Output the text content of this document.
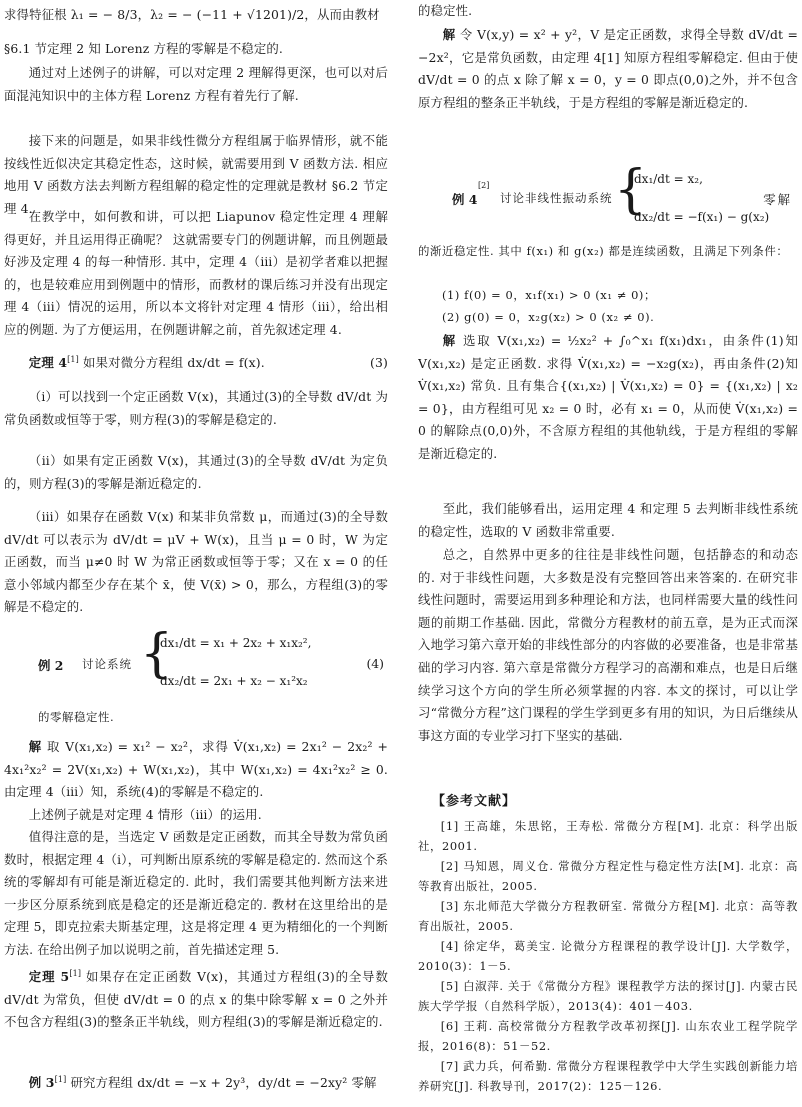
求得特征根 λ₁ = − 8/3，λ₂ = − (−11 + √1201)/2，从而由教材

§6.1 节定理 2 知 Lorenz 方程的零解是不稳定的.

通过对上述例子的讲解，可以对定理 2 理解得更深，也可以对后面混沌知识中的主体方程 Lorenz 方程有着先行了解.

接下来的问题是，如果非线性微分方程组属于临界情形，就不能按线性近似决定其稳定性态，这时候，就需要用到 V 函数方法. 相应地用 V 函数方法去判断方程组解的稳定性的定理就是教材 §6.2 节定理 4.

在教学中，如何教和讲，可以把 Liapunov 稳定性定理 4 理解得更好，并且运用得正确呢？ 这就需要专门的例题讲解，而且例题最好涉及定理 4 的每一种情形. 其中，定理 4（ⅲ）是初学者难以把握的，也是较难应用到例题中的情形，而教材的课后练习并没有出现定理 4（ⅲ）情况的运用，所以本文将针对定理 4 情形（ⅲ），给出相应的例题. 为了方便运用，在例题讲解之前，首先叙述定理 4.

定理 4[1] 如果对微分方程组 dx/dt = f(x).	(3)

（ⅰ）可以找到一个定正函数 V(x)，其通过(3)的全导数 dV/dt 为常负函数或恒等于零，则方程(3)的零解是稳定的.

（ⅱ）如果有定正函数 V(x)，其通过(3)的全导数 dV/dt 为定负的，则方程(3)的零解是渐近稳定的.

（ⅲ）如果存在函数 V(x) 和某非负常数 μ，而通过(3)的全导数 dV/dt 可以表示为 dV/dt = μV + W(x)，且当 μ = 0 时，W 为定正函数，而当 μ≠0 时 W 为常正函数或恒等于零；又在 x = 0 的任意小邻域内都至少存在某个 x̄，使 V(x̄) > 0，那么，方程组(3)的零解是不稳定的.

例 2 讨论系统 {
dx₁/dt = x₁ + 2x₂ + x₁x₂²,
dx₂/dt = 2x₁ + x₂ − x₁²x₂
(4)

的零解稳定性.

解 取 V(x₁,x₂) = x₁² − x₂²，求得 V̇(x₁,x₂) = 2x₁² − 2x₂² + 4x₁²x₂² = 2V(x₁,x₂) + W(x₁,x₂)，其中 W(x₁,x₂) = 4x₁²x₂² ≥ 0. 由定理 4（ⅲ）知，系统(4)的零解是不稳定的.

上述例子就是对定理 4 情形（ⅲ）的运用.

值得注意的是，当选定 V 函数是定正函数，而其全导数为常负函数时，根据定理 4（ⅰ），可判断出原系统的零解是稳定的. 然而这个系统的零解却有可能是渐近稳定的. 此时，我们需要其他判断方法来进一步区分原系统到底是稳定的还是渐近稳定的. 教材在这里给出的是定理 5，即克拉索夫斯基定理，这是将定理 4 更为精细化的一个判断方法. 在给出例子加以说明之前，首先描述定理 5.

定理 5[1] 如果存在定正函数 V(x)，其通过方程组(3)的全导数 dV/dt 为常负，但使 dV/dt = 0 的点 x 的集中除零解 x = 0 之外并不包含方程组(3)的整条正半轨线，则方程组(3)的零解是渐近稳定的.

例 3[1] 研究方程组 dx/dt = −x + 2y³，dy/dt = −2xy² 零解

的稳定性.

解 令 V(x,y) = x² + y²，V 是定正函数，求得全导数 dV/dt = −2x²，它是常负函数，由定理 4[1] 知原方程组零解稳定. 但由于使 dV/dt = 0 的点 x 除了解 x = 0，y = 0 即点(0,0)之外，并不包含原方程组的整条正半轨线，于是方程组的零解是渐近稳定的.

例 4
[2]
讨论非线性振动系统 {
dx₁/dt = x₂,
dx₂/dt = −f(x₁) − g(x₂)
零解

的渐近稳定性. 其中 f(x₁) 和 g(x₂) 都是连续函数，且满足下列条件：

(1) f(0) = 0，x₁f(x₁) > 0 (x₁ ≠ 0)；

(2) g(0) = 0，x₂g(x₂) > 0 (x₂ ≠ 0).

解 选取 V(x₁,x₂) = ½x₂² + ∫₀^x₁ f(x₁)dx₁，由条件(1)知 V(x₁,x₂) 是定正函数. 求得 V̇(x₁,x₂) = −x₂g(x₂)，再由条件(2)知 V̇(x₁,x₂) 常负. 且有集合{(x₁,x₂) | V̇(x₁,x₂) = 0} = {(x₁,x₂) | x₂ = 0}，由方程组可见 x₂ = 0 时，必有 x₁ = 0，从而使 V̇(x₁,x₂) = 0 的解除点(0,0)外，不含原方程组的其他轨线，于是方程组的零解是渐近稳定的.

至此，我们能够看出，运用定理 4 和定理 5 去判断非线性系统的稳定性，选取的 V 函数非常重要.

总之，自然界中更多的往往是非线性问题，包括静态的和动态的. 对于非线性问题，大多数是没有完整回答出来答案的. 在研究非线性问题时，需要运用到多种理论和方法，也同样需要大量的线性问题的前期工作基础. 因此，常微分方程教材的前五章，是为正式而深入地学习第六章开始的非线性部分的内容做的必要准备，也是非常基础的学习内容. 第六章是常微分方程学习的高潮和难点，也是日后继续学习这个方向的学生所必须掌握的内容. 本文的探讨，可以让学习“常微分方程”这门课程的学生学到更多有用的知识，为日后继续从事这方面的专业学习打下坚实的基础.

【参考文献】

[1] 王高雄，朱思铭，王寿松. 常微分方程[M]. 北京：科学出版社，2001.

[2] 马知恩，周义仓. 常微分方程定性与稳定性方法[M]. 北京：高等教育出版社，2005.

[3] 东北师范大学微分方程教研室. 常微分方程[M]. 北京：高等教育出版社，2005.

[4] 徐定华，葛美宝. 论微分方程课程的教学设计[J]. 大学数学，2010(3)：1－5.

[5] 白淑萍. 关于《常微分方程》课程教学方法的探讨[J]. 内蒙古民族大学学报（自然科学版），2013(4)：401－403.

[6] 王莉. 高校常微分方程教学改革初探[J]. 山东农业工程学院学报，2016(8)：51－52.

[7] 武力兵，何希勤. 常微分方程课程教学中大学生实践创新能力培养研究[J]. 科教导刊，2017(2)：125－126.
